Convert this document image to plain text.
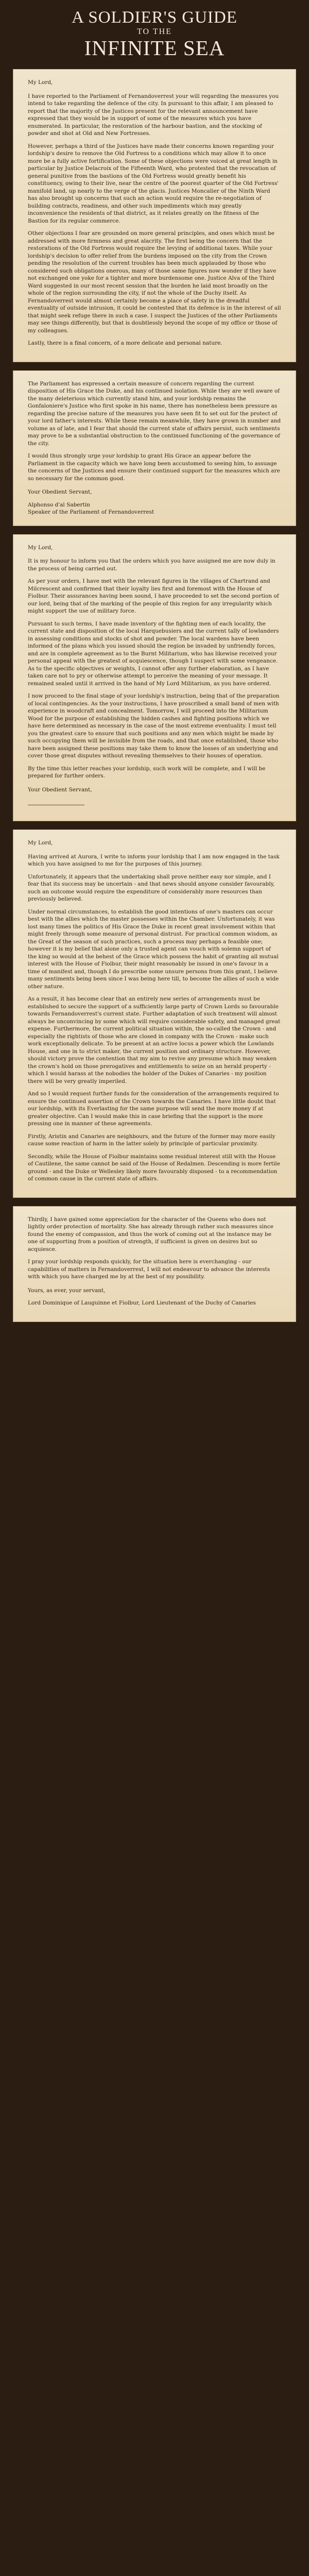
A SOLDIER'S GUIDE
TO THE
INFINITE SEA

My Lord,

I have reported to the Parliament of Fernandoverrest your will regarding the measures you intend to take regarding the defence of the city. In pursuant to this affair, I am pleased to report that the majority of the Justices present for the relevant announcement have expressed that they would be in support of some of the measures which you have enumerated. In particular, the restoration of the harbour bastion, and the stocking of powder and shot at Old and New Fortresses.

However, perhaps a third of the Justices have made their concerns known regarding your lordship's desire to remove the Old Fortress to a conditions which may allow it to once more be a fully active fortification. Some of these objections were voiced at great length in particular by Justice Delacroix of the Fifteenth Ward, who protested that the revocation of general punitive from the bastions of the Old Fortress would greatly benefit his constituency, owing to their live, near the centre of the poorest quarter of the Old Fortress' manifold land, up nearly to the verge of the glacis. Justices Moncalier of the Ninth Ward has also brought up concerns that such an action would require the re-negotiation of building contracts, readiness, and other such impediments which may greatly inconvenience the residents of that district, as it relates greatly on the fitness of the Bastion for its regular commerce.

Other objections I fear are grounded on more general principles, and ones which must be addressed with more firmness and great alacrity. The first being the concern that the restorations of the Old Fortress would require the levying of additional taxes. While your lordship's decision to offer relief from the burdens imposed on the city from the Crown pending the resolution of the current troubles has been much applauded by those who considered such obligations onerous, many of those same figures now wonder if they have not exchanged one yoke for a tighter and more burdensome one. Justice Alva of the Third Ward suggested in our most recent session that the burden he laid most broadly on the whole of the region surrounding the city, if not the whole of the Duchy itself. As Fernandoverrest would almost certainly become a place of safety in the dreadful eventuality of outside intrusion, it could be contested that its defence is in the interest of all that might seek refuge there in such a case. I suspect the Justices of the other Parliaments may see things differently, but that is doubtlessly beyond the scope of my office or those of my colleagues.

Lastly, there is a final concern, of a more delicate and personal nature.

The Parliament has expressed a certain measure of concern regarding the current disposition of His Grace the Duke, and his continued isolation. While they are well aware of the many deleterious which currently stand him, and your lordship remains the Gonfaloniere's Justice who first spoke in his name, there has nonetheless been pressure as regarding the precise nature of the measures you have seen fit to set out for the protect of your lord father's interests. While these remain meanwhile, they have grown in number and volume as of late, and I fear that should the current state of affairs persist, such sentiments may prove to be a substantial obstruction to the continued functioning of the governance of the city.

I would thus strongly urge your lordship to grant His Grace an appear before the Parliament in the capacity which we have long been accustomed to seeing him, to assuage the concerns of the Justices and ensure their continued support for the measures which are so necessary for the common good.

Your Obedient Servant,

Alphonso d'al Sabertin
Speaker of the Parliament of Fernandoverrest

My Lord,

It is my honour to inform you that the orders which you have assigned me are now duly in the process of being carried out.

As per your orders, I have met with the relevant figures in the villages of Chartrand and Milcrescent and confirmed that their loyalty lies first and foremost with the House of Fiolbur. Their assurances having been sound, I have proceeded to set the second portion of our lord, being that of the marking of the people of this region for any irregularity which might support the use of military force.

Pursuant to such terms, I have made inventory of the fighting men of each locality, the current state and disposition of the local Harquebusiers and the current tally of lowlanders in assessing conditions and stocks of shot and powder. The local wardens have been informed of the plans which you issued should the region be invaded by unfriendly forces, and are in complete agreement as to the Burnt Militarium, who has likewise received your personal appeal with the greatest of acquiescence, though I suspect with some vengeance. As to the specific objectives or weights, I cannot offer any further elaboration, as I have taken care not to pry or otherwise attempt to perceive the meaning of your message. It remained sealed until it arrived in the hand of My Lord Militarium, as you have ordered.

I now proceed to the final stage of your lordship's instruction, being that of the preparation of local contingencies. As the your instructions, I have proscribed a small band of men with experience in woodcraft and concealment. Tomorrow, I will proceed into the Militarium Wood for the purpose of establishing the hidden cashes and fighting positions which we have here determined as necessary in the case of the most extreme eventuality. I must tell you the greatest care to ensure that such positions and any men which might be made by such occupying them will be invisible from the roads, and that once established, those who have been assigned these positions may take them to know the losses of an underlying and cover those great disputes without revealing themselves to their houses of operation.

By the time this letter reaches your lordship, such work will be complete, and I will be prepared for further orders.

Your Obedient Servant,

My Lord,

Having arrived at Aurora, I write to inform your lordship that I am now engaged in the task which you have assigned to me for the purposes of this journey.

Unfortunately, it appears that the undertaking shall prove neither easy nor simple, and I fear that its success may be uncertain - and that news should anyone consider favourably, such an outcome would require the expenditure of considerably more resources than previously believed.

Under normal circumstances, to establish the good intentions of one's masters can occur best with the allies which the master possesses within the Chamber. Unfortunately, it was lost many times the politics of His Grace the Duke in recent great involvement within that might freely through some measure of personal distrust. For practical common wisdom, as the Great of the season of such practices, such a process may perhaps a feasible one; however it is my belief that alone only a trusted agent can vouch with solemn support of the king so would at the behest of the Grace which possess the habit of granting all mutual interest with the House of Fiolbur, their might reasonably be issued in one's favour in a time of manifest and, though I do prescribe some unsure persons from this grant, I believe many sentiments being been since I was being here till, to become the allies of such a wide other nature.

As a result, it has become clear that an entirely new series of arrangements must be established to secure the support of a sufficiently large party of Crown Lords so favourable towards Fernandoverrest's current state. Further adaptation of such treatment will almost always be unconvincing by some which will require considerable safety, and managed great expense. Furthermore, the current political situation within, the so-called the Crown - and especially the rightists of those who are closed in company with the Crown - make such work exceptionally delicate. To be present at an active locus a power which the Lowlands House, and one in to strict maker, the current position and ordinary structure. However, should victory prove the contention that my aim to revive any presume which may weaken the crown's hold on those prerogatives and entitlements to seize on an herald property - which I would harass at the nobodies the holder of the Dukes of Canaries - my position there will be very greatly imperiled.

And so I would request further funds for the consideration of the arrangements required to ensure the continued assertion of the Crown towards the Canaries. I have little doubt that our lordship, with its Everlasting for the same purpose will send the more money if at greater objective. Can I would make this in case briefing that the support is the more pressing one in manner of these agreements.

Firstly, Aristin and Canaries are neighbours, and the future of the former may more easily cause some reaction of harm in the latter solely by principle of particular proximity.

Secondly, while the House of Fiolbur maintains some residual interest still with the House of Cautilene, the same cannot be said of the House of Redalmen. Descending is more fertile ground - and the Duke or Wellesley likely more favourably disposed - to a recommendation of common cause in the current state of affairs.

Thirdly, I have gained some appreciation for the character of the Queens who does not lightly order protection of mortality. She has already through rather such measures since found the enemy of compassion, and thus the work of coming out at the instance may be one of supporting from a position of strength, if sufficient is given on desires but so acquiesce.

I pray your lordship responds quickly, for the situation here is everchanging - our capabilities of matters in Fernandoverrest, I will not endeavour to advance the interests with which you have charged me by at the best of my possibility.

Yours, as ever, your servant,

Lord Dominique of Lauguinne et Fiolbur, Lord Lieutenant of the Duchy of Canaries
